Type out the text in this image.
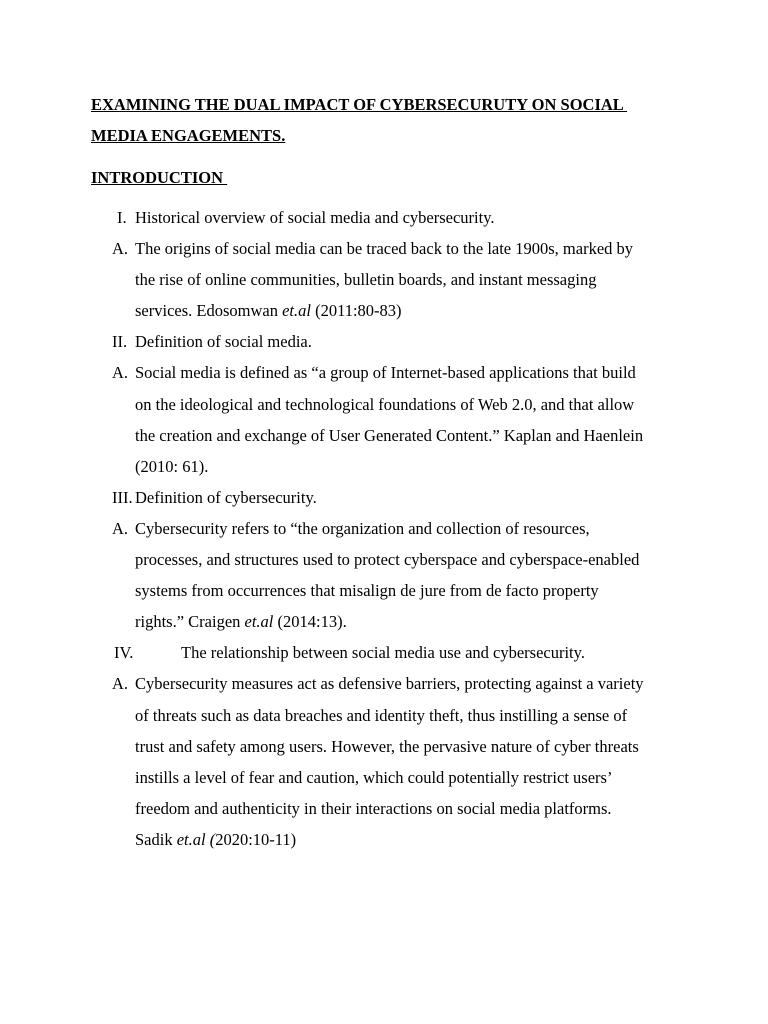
EXAMINING THE DUAL IMPACT OF CYBERSECURUTY ON SOCIAL
MEDIA ENGAGEMENTS.
INTRODUCTION
I. Historical overview of social media and cybersecurity.
A. The origins of social media can be traced back to the late 1900s, marked by
the rise of online communities, bulletin boards, and instant messaging
services. Edosomwan et.al (2011:80-83)
II. Definition of social media.
A. Social media is defined as “a group of Internet-based applications that build
on the ideological and technological foundations of Web 2.0, and that allow
the creation and exchange of User Generated Content.” Kaplan and Haenlein
(2010: 61).
III. Definition of cybersecurity.
A. Cybersecurity refers to “the organization and collection of resources,
processes, and structures used to protect cyberspace and cyberspace-enabled
systems from occurrences that misalign de jure from de facto property
rights.” Craigen et.al (2014:13).
IV.	The relationship between social media use and cybersecurity.
A. Cybersecurity measures act as defensive barriers, protecting against a variety
of threats such as data breaches and identity theft, thus instilling a sense of
trust and safety among users. However, the pervasive nature of cyber threats
instills a level of fear and caution, which could potentially restrict users’
freedom and authenticity in their interactions on social media platforms.
Sadik et.al (2020:10-11)
